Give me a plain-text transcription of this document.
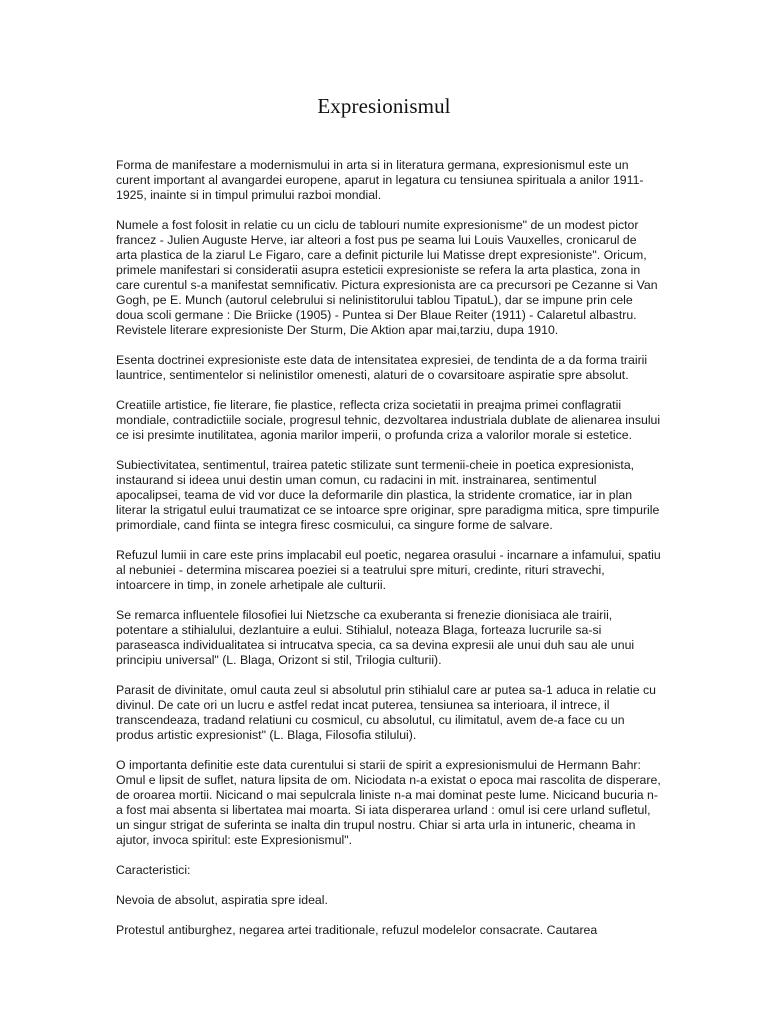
Expresionismul

Forma de manifestare a modernismului in arta si in literatura germana, expresionismul este un curent important al avangardei europene, aparut in legatura cu tensiunea spirituala a anilor 1911-1925, inainte si in timpul primului razboi mondial.

Numele a fost folosit in relatie cu un ciclu de tablouri numite expresionisme" de un modest pictor francez - Julien Auguste Herve, iar alteori a fost pus pe seama lui Louis Vauxelles, cronicarul de arta plastica de la ziarul Le Figaro, care a definit picturile lui Matisse drept expresioniste". Oricum, primele manifestari si consideratii asupra esteticii expresioniste se refera la arta plastica, zona in care curentul s-a manifestat semnificativ. Pictura expresionista are ca precursori pe Cezanne si Van Gogh, pe E. Munch (autorul celebrului si nelinistitorului tablou TipatuL), dar se impune prin cele doua scoli germane : Die Briicke (1905) - Puntea si Der Blaue Reiter (1911) - Calaretul albastru. Revistele literare expresioniste Der Sturm, Die Aktion apar mai,tarziu, dupa 1910.

Esenta doctrinei expresioniste este data de intensitatea expresiei, de tendinta de a da forma trairii launtrice, sentimentelor si nelinistilor omenesti, alaturi de o covarsitoare aspiratie spre absolut.

Creatiile artistice, fie literare, fie plastice, reflecta criza societatii in preajma primei conflagratii mondiale, contradictiile sociale, progresul tehnic, dezvoltarea industriala dublate de alienarea insului ce isi presimte inutilitatea, agonia marilor imperii, o profunda criza a valorilor morale si estetice.

Subiectivitatea, sentimentul, trairea patetic stilizate sunt termenii-cheie in poetica expresionista, instaurand si ideea unui destin uman comun, cu radacini in mit. instrainarea, sentimentul apocalipsei, teama de vid vor duce la deformarile din plastica, la stridente cromatice, iar in plan literar la strigatul eului traumatizat ce se intoarce spre originar, spre paradigma mitica, spre timpurile primordiale, cand fiinta se integra firesc cosmicului, ca singure forme de salvare.

Refuzul lumii in care este prins implacabil eul poetic, negarea orasului - incarnare a infamului, spatiu al nebuniei - determina miscarea poeziei si a teatrului spre mituri, credinte, rituri stravechi, intoarcere in timp, in zonele arhetipale ale culturii.

Se remarca influentele filosofiei lui Nietzsche ca exuberanta si frenezie dionisiaca ale trairii, potentare a stihialului, dezlantuire a eului. Stihialul, noteaza Blaga, forteaza lucrurile sa-si paraseasca individualitatea si intrucatva specia, ca sa devina expresii ale unui duh sau ale unui principiu universal" (L. Blaga, Orizont si stil, Trilogia culturii).

Parasit de divinitate, omul cauta zeul si absolutul prin stihialul care ar putea sa-1 aduca in relatie cu divinul. De cate ori un lucru e astfel redat incat puterea, tensiunea sa interioara, il intrece, il transcendeaza, tradand relatiuni cu cosmicul, cu absolutul, cu ilimitatul, avem de-a face cu un produs artistic expresionist" (L. Blaga, Filosofia stilului).

O importanta definitie este data curentului si starii de spirit a expresionismului de Hermann Bahr: Omul e lipsit de suflet, natura lipsita de om. Niciodata n-a existat o epoca mai rascolita de disperare, de oroarea mortii. Nicicand o mai sepulcrala liniste n-a mai dominat peste lume. Nicicand bucuria n-a fost mai absenta si libertatea mai moarta. Si iata disperarea urland : omul isi cere urland sufletul, un singur strigat de suferinta se inalta din trupul nostru. Chiar si arta urla in intuneric, cheama in ajutor, invoca spiritul: este Expresionismul".

Caracteristici:

Nevoia de absolut, aspiratia spre ideal.

Protestul antiburghez, negarea artei traditionale, refuzul modelelor consacrate. Cautarea
